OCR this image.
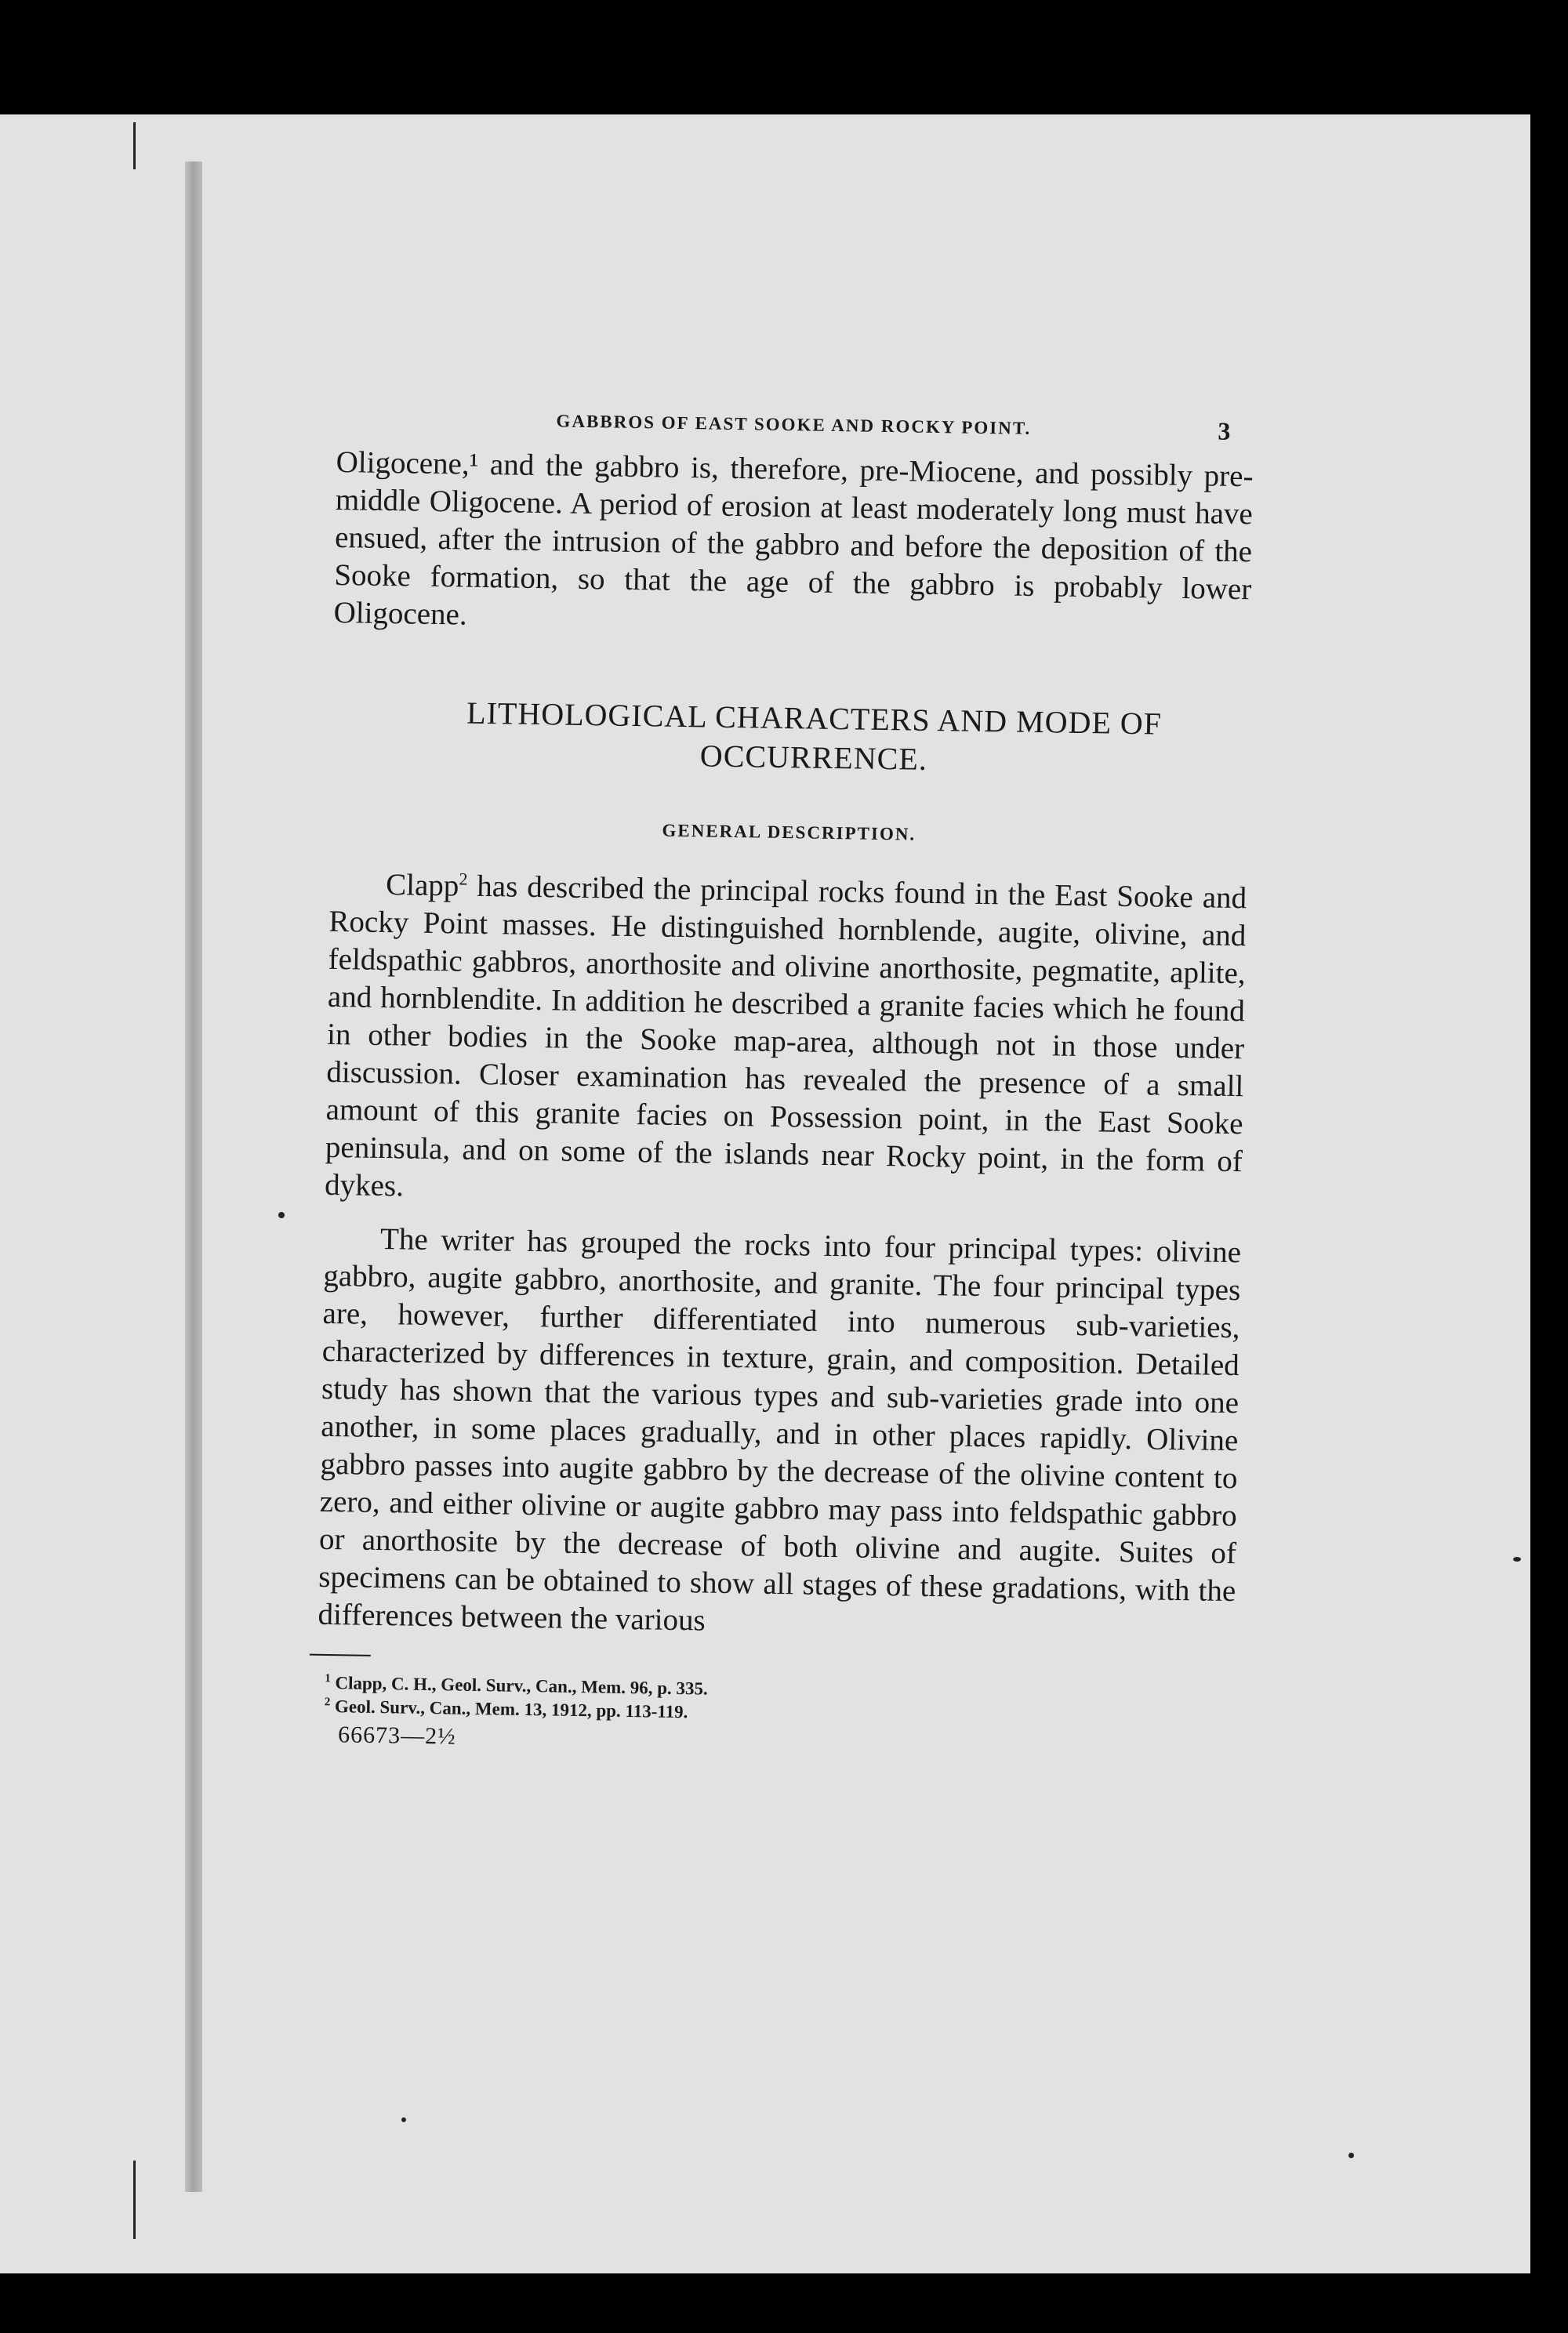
GABBROS OF EAST SOOKE AND ROCKY POINT.	3

Oligocene,¹ and the gabbro is, therefore, pre-Miocene, and possibly pre-middle Oligocene. A period of erosion at least moderately long must have ensued, after the intrusion of the gabbro and before the deposition of the Sooke formation, so that the age of the gabbro is probably lower Oligocene.

LITHOLOGICAL CHARACTERS AND MODE OF OCCURRENCE.
GENERAL DESCRIPTION.

Clapp$^2$ has described the principal rocks found in the East Sooke and Rocky Point masses. He distinguished hornblende, augite, olivine, and feldspathic gabbros, anorthosite and olivine anorthosite, pegmatite, aplite, and hornblendite. In addition he described a granite facies which he found in other bodies in the Sooke map-area, although not in those under discussion. Closer examination has revealed the presence of a small amount of this granite facies on Possession point, in the East Sooke peninsula, and on some of the islands near Rocky point, in the form of dykes.

The writer has grouped the rocks into four principal types: olivine gabbro, augite gabbro, anorthosite, and granite. The four principal types are, however, further differentiated into numerous sub-varieties, characterized by differences in texture, grain, and composition. Detailed study has shown that the various types and sub-varieties grade into one another, in some places gradually, and in other places rapidly. Olivine gabbro passes into augite gabbro by the decrease of the olivine content to zero, and either olivine or augite gabbro may pass into feldspathic gabbro or anorthosite by the decrease of both olivine and augite. Suites of specimens can be obtained to show all stages of these gradations, with the differences between the various

$^1$ Clapp, C. H., Geol. Surv., Can., Mem. 96, p. 335.
$^2$ Geol. Surv., Can., Mem. 13, 1912, pp. 113-119.
66673—2½
